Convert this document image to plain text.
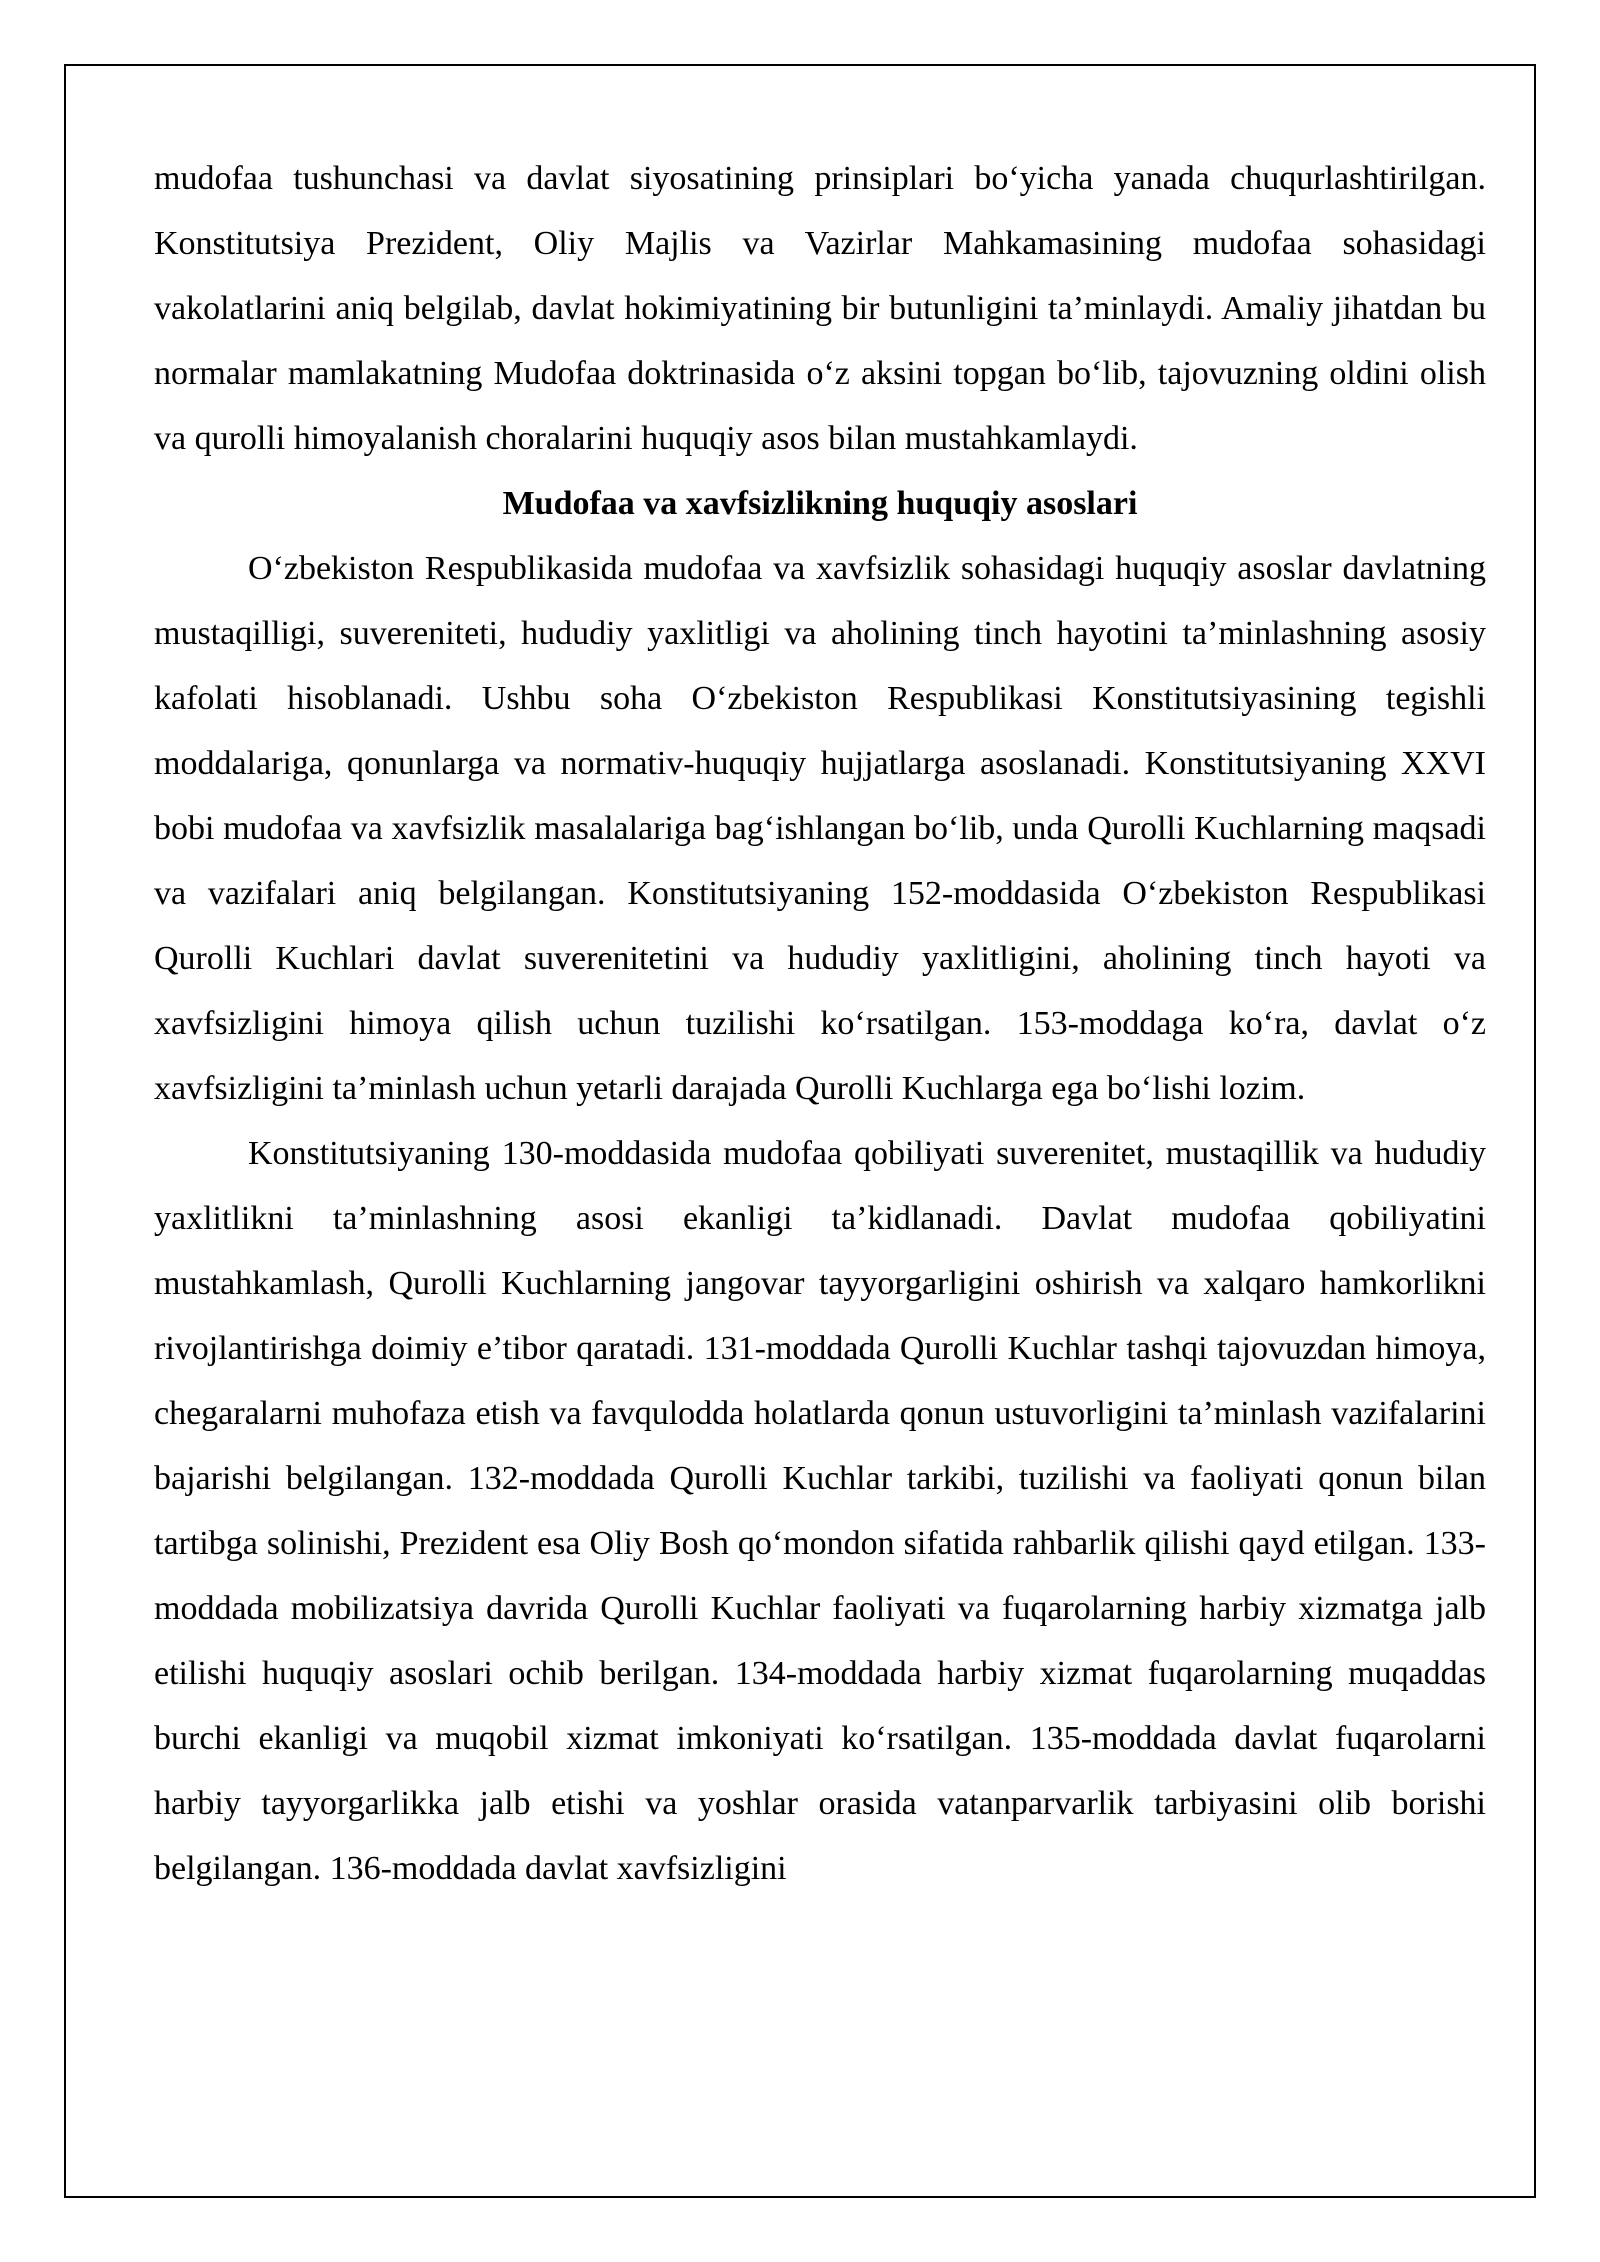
mudofaa tushunchasi va davlat siyosatining prinsiplari bo‘yicha yanada chuqurlashtirilgan. Konstitutsiya Prezident, Oliy Majlis va Vazirlar Mahkamasining mudofaa sohasidagi vakolatlarini aniq belgilab, davlat hokimiyatining bir butunligini ta’minlaydi. Amaliy jihatdan bu normalar mamlakatning Mudofaa doktrinasida o‘z aksini topgan bo‘lib, tajovuzning oldini olish va qurolli himoyalanish choralarini huquqiy asos bilan mustahkamlaydi.

Mudofaa va xavfsizlikning huquqiy asoslari

O‘zbekiston Respublikasida mudofaa va xavfsizlik sohasidagi huquqiy asoslar davlatning mustaqilligi, suvereniteti, hududiy yaxlitligi va aholining tinch hayotini ta’minlashning asosiy kafolati hisoblanadi. Ushbu soha O‘zbekiston Respublikasi Konstitutsiyasining tegishli moddalariga, qonunlarga va normativ-huquqiy hujjatlarga asoslanadi. Konstitutsiyaning XXVI bobi mudofaa va xavfsizlik masalalariga bag‘ishlangan bo‘lib, unda Qurolli Kuchlarning maqsadi va vazifalari aniq belgilangan. Konstitutsiyaning 152-moddasida O‘zbekiston Respublikasi Qurolli Kuchlari davlat suverenitetini va hududiy yaxlitligini, aholining tinch hayoti va xavfsizligini himoya qilish uchun tuzilishi ko‘rsatilgan. 153-moddaga ko‘ra, davlat o‘z xavfsizligini ta’minlash uchun yetarli darajada Qurolli Kuchlarga ega bo‘lishi lozim.

Konstitutsiyaning 130-moddasida mudofaa qobiliyati suverenitet, mustaqillik va hududiy yaxlitlikni ta’minlashning asosi ekanligi ta’kidlanadi. Davlat mudofaa qobiliyatini mustahkamlash, Qurolli Kuchlarning jangovar tayyorgarligini oshirish va xalqaro hamkorlikni rivojlantirishga doimiy e’tibor qaratadi. 131-moddada Qurolli Kuchlar tashqi tajovuzdan himoya, chegaralarni muhofaza etish va favqulodda holatlarda qonun ustuvorligini ta’minlash vazifalarini bajarishi belgilangan. 132-moddada Qurolli Kuchlar tarkibi, tuzilishi va faoliyati qonun bilan tartibga solinishi, Prezident esa Oliy Bosh qo‘mondon sifatida rahbarlik qilishi qayd etilgan. 133-moddada mobilizatsiya davrida Qurolli Kuchlar faoliyati va fuqarolarning harbiy xizmatga jalb etilishi huquqiy asoslari ochib berilgan. 134-moddada harbiy xizmat fuqarolarning muqaddas burchi ekanligi va muqobil xizmat imkoniyati ko‘rsatilgan. 135-moddada davlat fuqarolarni harbiy tayyorgarlikka jalb etishi va yoshlar orasida vatanparvarlik tarbiyasini olib borishi belgilangan. 136-moddada davlat xavfsizligini
